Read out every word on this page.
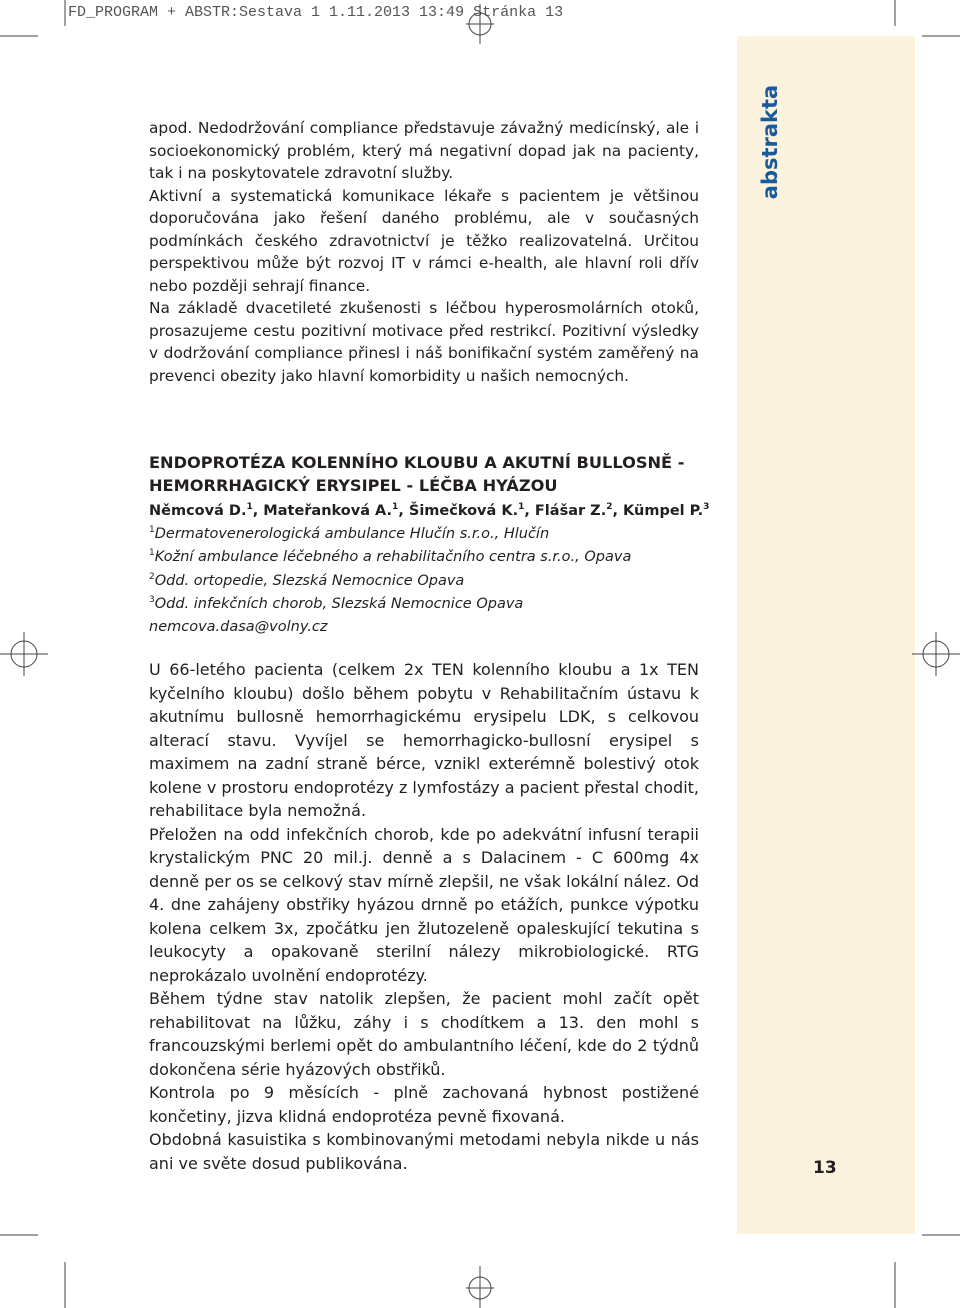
FD_PROGRAM + ABSTR:Sestava 1 1.11.2013 13:49 Stránka 13
abstrakta
13

apod. Nedodržování compliance představuje závažný medicínský, ale i socioekonomický problém, který má negativní dopad jak na pacienty, tak i na poskytovatele zdravotní služby.

Aktivní a systematická komunikace lékaře s pacientem je většinou doporučována jako řešení daného problému, ale v současných podmínkách českého zdravotnictví je těžko realizovatelná. Určitou perspektivou může být rozvoj IT v rámci e-health, ale hlavní roli dřív nebo později sehrají finance.

Na základě dvacetileté zkušenosti s léčbou hyperosmolárních otoků, prosazujeme cestu pozitivní motivace před restrikcí. Pozitivní výsledky v dodržování compliance přinesl i náš bonifikační systém zaměřený na prevenci obezity jako hlavní komorbidity u našich nemocných.

ENDOPROTÉZA KOLENNÍHO KLOUBU A AKUTNÍ BULLOSNĚ -

HEMORRHAGICKÝ ERYSIPEL - LÉČBA HYÁZOU

Němcová D.$^1$, Mateřanková A.$^1$, Šimečková K.$^1$, Flášar Z.$^2$, Kümpel P.$^3$

$^1$Dermatovenerologická ambulance Hlučín s.r.o., Hlučín

$^1$Kožní ambulance léčebného a rehabilitačního centra s.r.o., Opava

$^2$Odd. ortopedie, Slezská Nemocnice Opava

$^3$Odd. infekčních chorob, Slezská Nemocnice Opava

nemcova.dasa@volny.cz

U 66-letého pacienta (celkem 2x TEN kolenního kloubu a 1x TEN kyčelního kloubu) došlo během pobytu v Rehabilitačním ústavu k akutnímu bullosně hemorrhagickému erysipelu LDK, s celkovou alterací stavu. Vyvíjel se hemorrhagicko-bullosní erysipel s maximem na zadní straně bérce, vznikl exterémně bolestivý otok kolene v prostoru endoprotézy z lymfostázy a pacient přestal chodit, rehabilitace byla nemožná.

Přeložen na odd infekčních chorob, kde po adekvátní infusní terapii krystalickým PNC 20 mil.j. denně a s Dalacinem - C 600mg 4x denně per os se celkový stav mírně zlepšil, ne však lokální nález. Od 4. dne zahájeny obstřiky hyázou drnně po etážích, punkce výpotku kolena celkem 3x, zpočátku jen žlutozeleně opaleskující tekutina s leukocyty a opakovaně sterilní nálezy mikrobiologické. RTG neprokázalo uvolnění endoprotézy.

Během týdne stav natolik zlepšen, že pacient mohl začít opět rehabilitovat na lůžku, záhy i s chodítkem a 13. den mohl s francouzskými berlemi opět do ambulantního léčení, kde do 2 týdnů dokončena série hyázových obstřiků.

Kontrola po 9 měsících - plně zachovaná hybnost postižené končetiny, jizva klidná endoprotéza pevně fixovaná.

Obdobná kasuistika s kombinovanými metodami nebyla nikde u nás ani ve světe dosud publikována.
